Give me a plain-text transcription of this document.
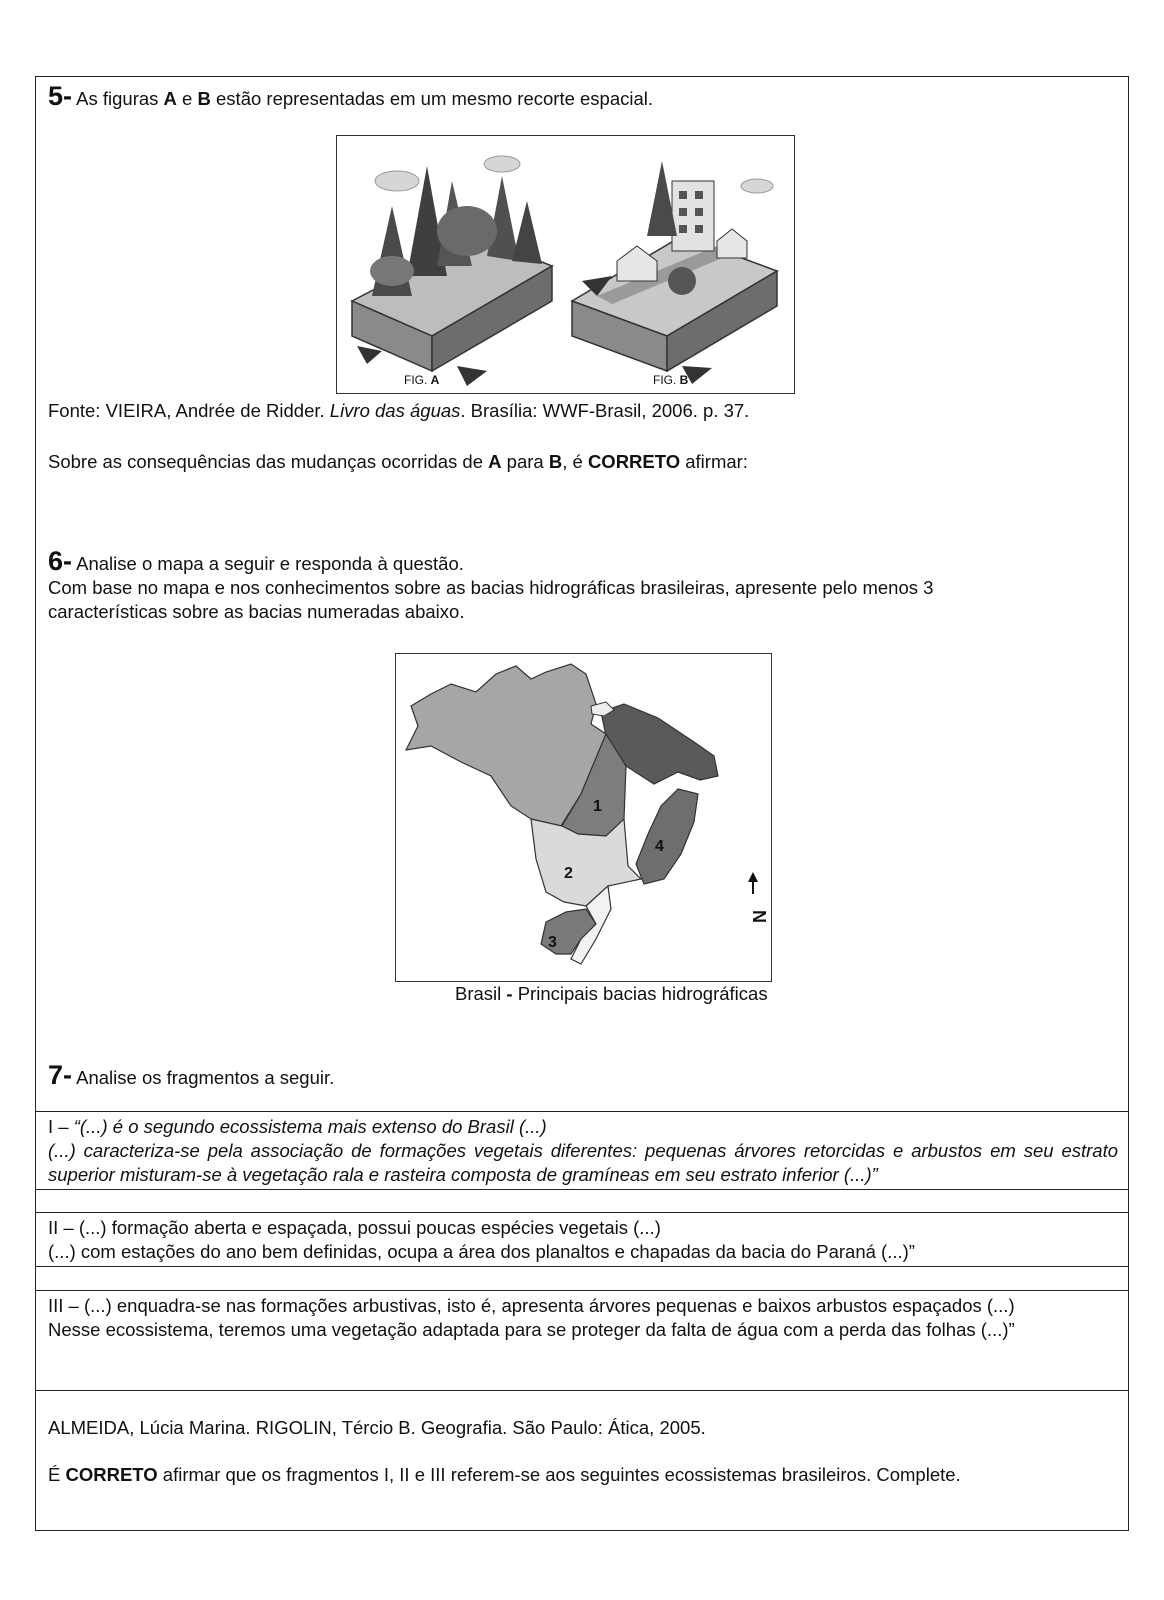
5- As figuras A e B estão representadas em um mesmo recorte espacial.
FIG. A	FIG. B
Fonte: VIEIRA, Andrée de Ridder. Livro das águas. Brasília: WWF-Brasil, 2006. p. 37.
Sobre as consequências das mudanças ocorridas de A para B, é CORRETO afirmar:
6- Analise o mapa a seguir e responda à questão.
Com base no mapa e nos conhecimentos sobre as bacias hidrográficas brasileiras, apresente pelo menos 3
características sobre as bacias numeradas abaixo.
1
2
3
4
N
Brasil - Principais bacias hidrográficas
7- Analise os fragmentos a seguir.
I – “(...) é o segundo ecossistema mais extenso do Brasil (...)
(...) caracteriza-se pela associação de formações vegetais diferentes: pequenas árvores retorcidas e arbustos em seu estrato superior misturam-se à vegetação rala e rasteira composta de gramíneas em seu estrato inferior (...)”
II – (...) formação aberta e espaçada, possui poucas espécies vegetais (...)
(...) com estações do ano bem definidas, ocupa a área dos planaltos e chapadas da bacia do Paraná (...)”
III – (...) enquadra-se nas formações arbustivas, isto é, apresenta árvores pequenas e baixos arbustos espaçados (...)
Nesse ecossistema, teremos uma vegetação adaptada para se proteger da falta de água com a perda das folhas (...)”
ALMEIDA, Lúcia Marina. RIGOLIN, Tércio B. Geografia. São Paulo: Ática, 2005.
É CORRETO afirmar que os fragmentos I, II e III referem-se aos seguintes ecossistemas brasileiros. Complete.
